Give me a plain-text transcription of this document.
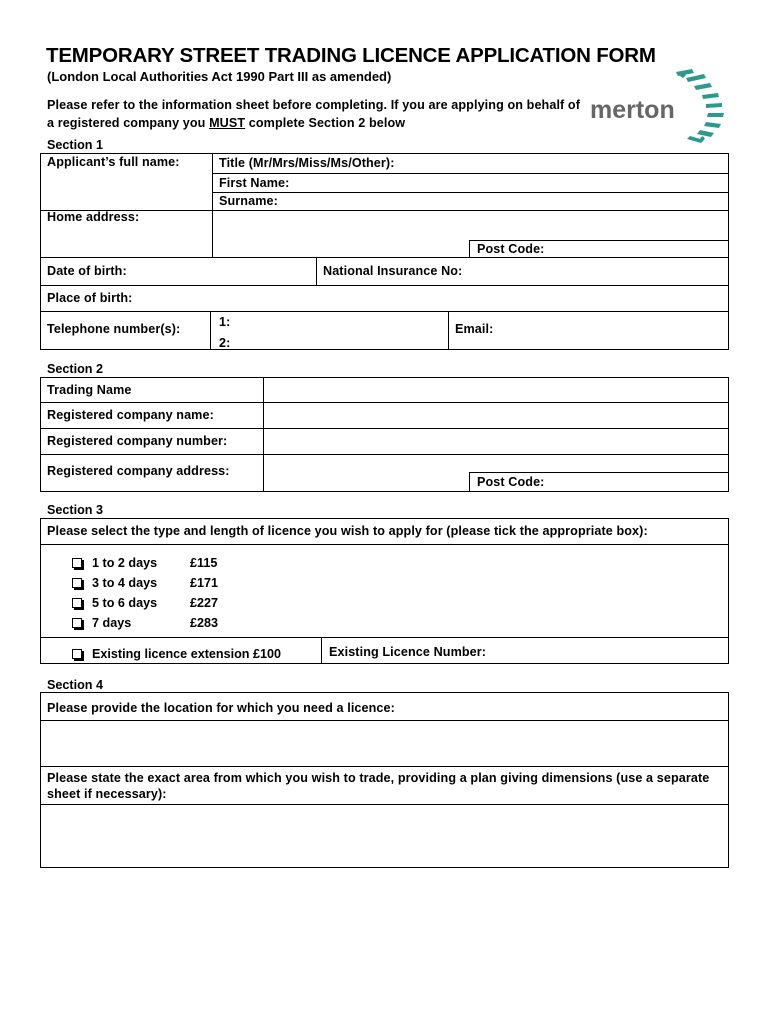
TEMPORARY STREET TRADING LICENCE APPLICATION FORM
(London Local Authorities Act 1990 Part III as amended)
Please refer to the information sheet before completing. If you are applying on behalf of a registered company you MUST complete Section 2 below	merton
Section 1
Applicant’s full name:	Title (Mr/Mrs/Miss/Ms/Other):
First Name:
Surname:
Home address:
Post Code:
Date of birth:	National Insurance No:
Place of birth:
Telephone number(s):	1:
2:
Email:
Section 2
Trading Name
Registered company name:
Registered company number:
Registered company address:
Post Code:
Section 3
Please select the type and length of licence you wish to apply for (please tick the appropriate box):
1 to 2 days	£115
3 to 4 days	£171
5 to 6 days	£227
7 days	£283
Existing licence extension £100	Existing Licence Number:
Section 4
Please provide the location for which you need a licence:
Please state the exact area from which you wish to trade, providing a plan giving dimensions (use a separate sheet if necessary):
